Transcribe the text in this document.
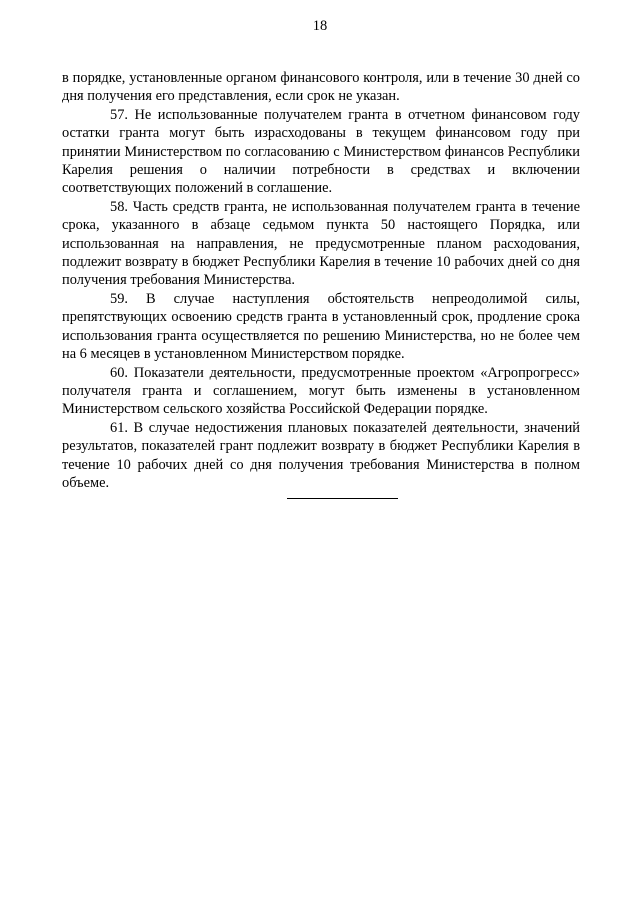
18

в порядке, установленные органом финансового контроля, или в течение 30 дней со дня получения его представления, если срок не указан.

57. Не использованные получателем гранта в отчетном финансовом году остатки гранта могут быть израсходованы в текущем финансовом году при принятии Министерством по согласованию с Министерством финансов Республики Карелия решения о наличии потребности в средствах и включении соответствующих положений в соглашение.

58. Часть средств гранта, не использованная получателем гранта в течение срока, указанного в абзаце седьмом пункта 50 настоящего Порядка, или использованная на направления, не предусмотренные планом расходования, подлежит возврату в бюджет Республики Карелия в течение 10 рабочих дней со дня получения требования Министерства.

59. В случае наступления обстоятельств непреодолимой силы, препятствующих освоению средств гранта в установленный срок, продление срока использования гранта осуществляется по решению Министерства, но не более чем на 6 месяцев в установленном Министерством порядке.

60. Показатели деятельности, предусмотренные проектом «Агропрогресс» получателя гранта и соглашением, могут быть изменены в установленном Министерством сельского хозяйства Российской Федерации порядке.

61. В случае недостижения плановых показателей деятельности, значений результатов, показателей грант подлежит возврату в бюджет Республики Карелия в течение 10 рабочих дней со дня получения требования Министерства в полном объеме.
